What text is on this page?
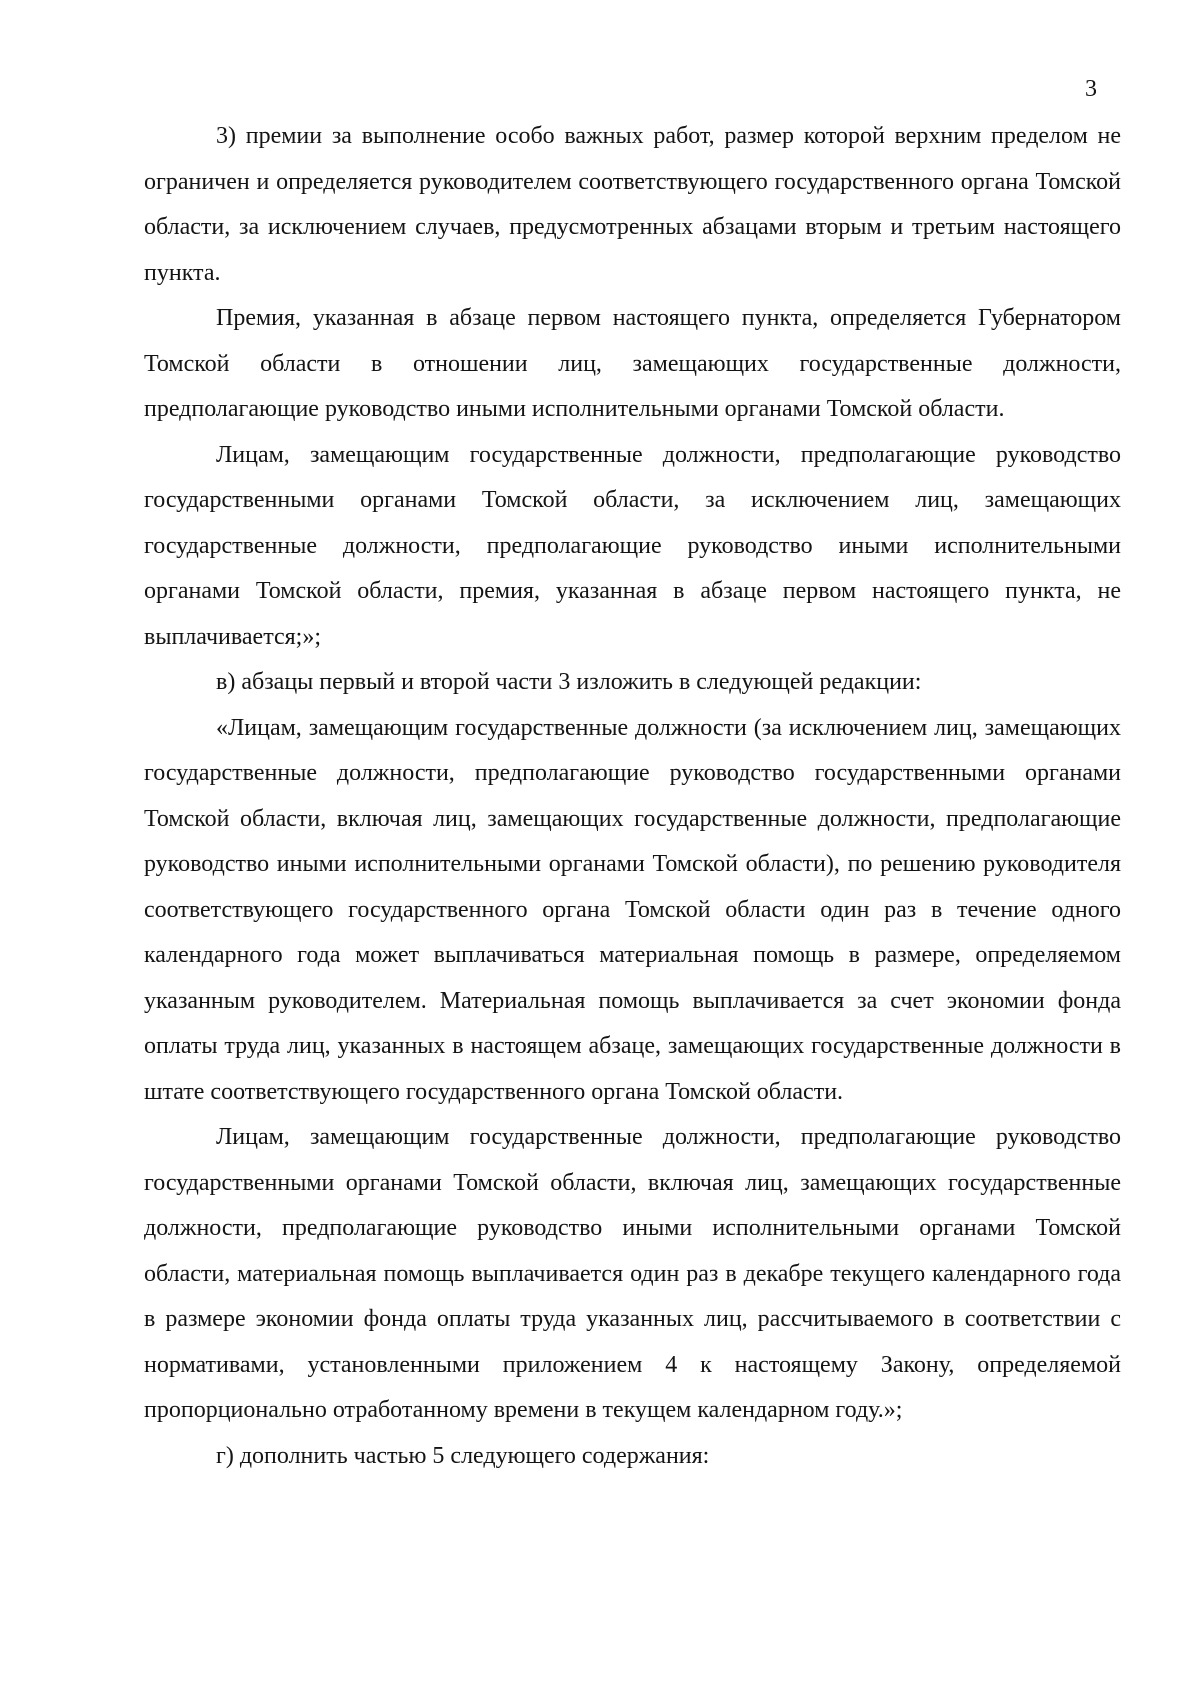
3

3) премии за выполнение особо важных работ, размер которой верхним пределом не ограничен и определяется руководителем соответствующего государственного органа Томской области, за исключением случаев, предусмотренных абзацами вторым и третьим настоящего пункта.

Премия, указанная в абзаце первом настоящего пункта, определяется Губернатором Томской области в отношении лиц, замещающих государственные должности, предполагающие руководство иными исполнительными органами Томской области.

Лицам, замещающим государственные должности, предполагающие руководство государственными органами Томской области, за исключением лиц, замещающих государственные должности, предполагающие руководство иными исполнительными органами Томской области, премия, указанная в абзаце первом настоящего пункта, не выплачивается;»;

в) абзацы первый и второй части 3 изложить в следующей редакции:

«Лицам, замещающим государственные должности (за исключением лиц, замещающих государственные должности, предполагающие руководство государственными органами Томской области, включая лиц, замещающих государственные должности, предполагающие руководство иными исполнительными органами Томской области), по решению руководителя соответствующего государственного органа Томской области один раз в течение одного календарного года может выплачиваться материальная помощь в размере, определяемом указанным руководителем. Материальная помощь выплачивается за счет экономии фонда оплаты труда лиц, указанных в настоящем абзаце, замещающих государственные должности в штате соответствующего государственного органа Томской области.

Лицам, замещающим государственные должности, предполагающие руководство государственными органами Томской области, включая лиц, замещающих государственные должности, предполагающие руководство иными исполнительными органами Томской области, материальная помощь выплачивается один раз в декабре текущего календарного года в размере экономии фонда оплаты труда указанных лиц, рассчитываемого в соответствии с нормативами, установленными приложением 4 к настоящему Закону, определяемой пропорционально отработанному времени в текущем календарном году.»;

г) дополнить частью 5 следующего содержания:
